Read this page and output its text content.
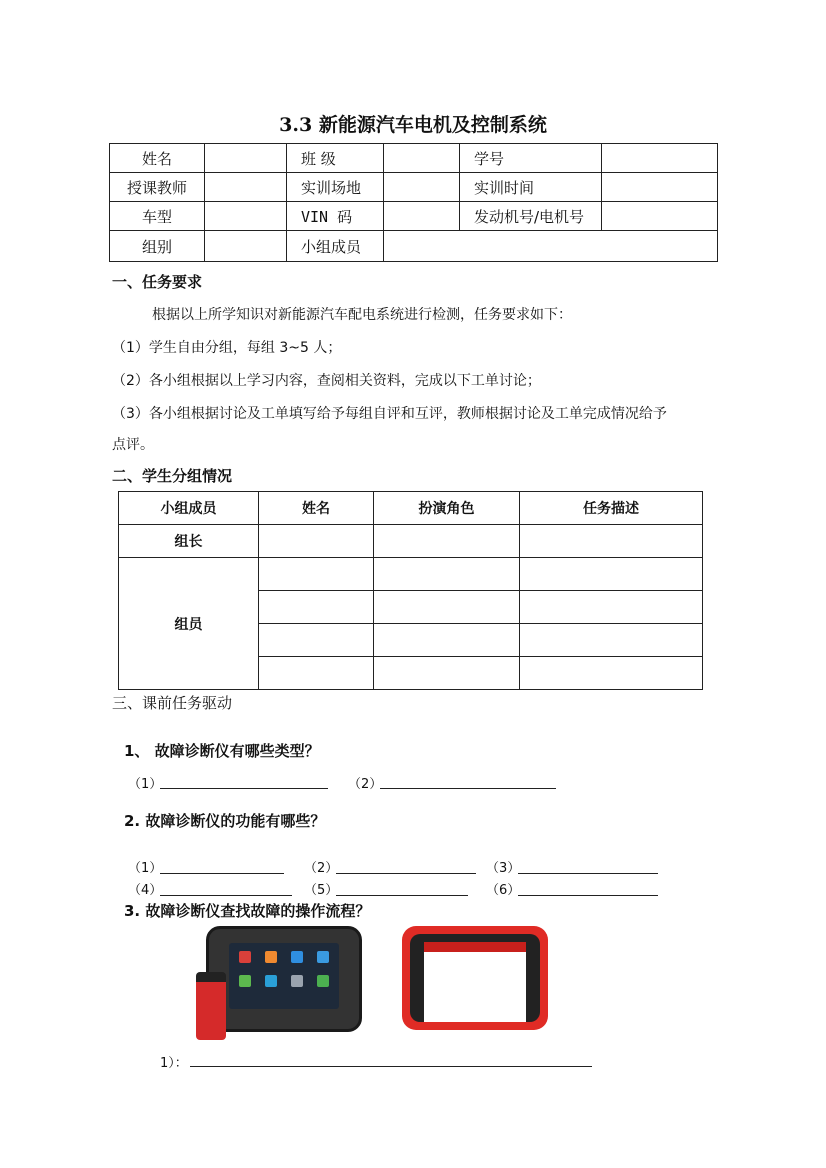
3.3 新能源汽车电机及控制系统
姓名		班 级		学号	
授课教师		实训场地		实训时间	
车型		VIN 码		发动机号/电机号	
组别		小组成员			
一、任务要求
根据以上所学知识对新能源汽车配电系统进行检测，任务要求如下：
（1）学生自由分组，每组 3~5 人；
（2）各小组根据以上学习内容，查阅相关资料，完成以下工单讨论；
（3）各小组根据讨论及工单填写给予每组自评和互评，教师根据讨论及工单完成情况给予
点评。
二、学生分组情况
小组成员	姓名	扮演角色	任务描述
组长			
组员			

三、课前任务驱动
1、 故障诊断仪有哪些类型？
（1）	（2）
2. 故障诊断仪的功能有哪些？
（1）	（2）	（3）
（4）	（5）	（6）
3. 故障诊断仪查找故障的操作流程？
1）：
